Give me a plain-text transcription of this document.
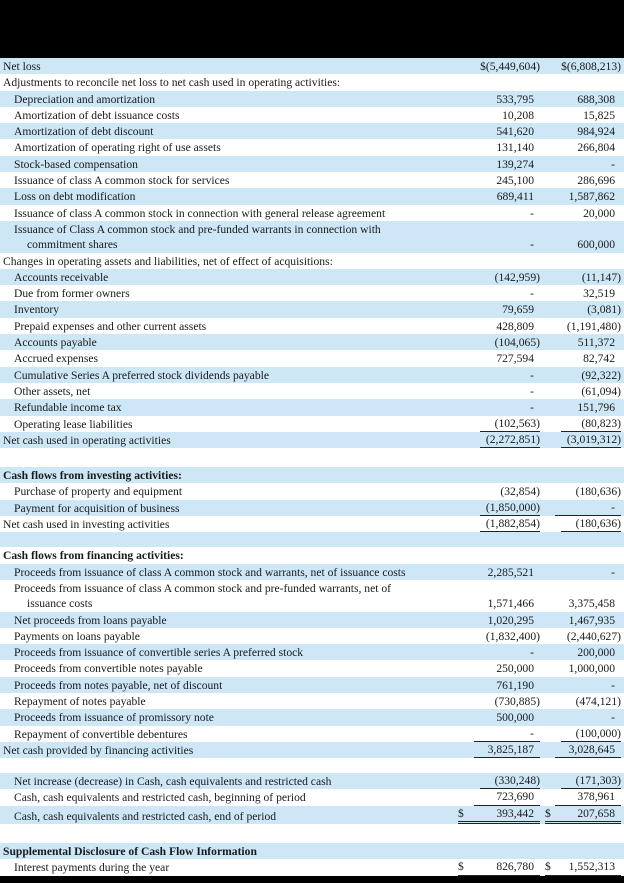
Net loss	$(5,449,604) $(6,808,213)
Adjustments to reconcile net loss to net cash used in operating activities:
Depreciation and amortization	533,795	688,308
Amortization of debt issuance costs	10,208	15,825
Amortization of debt discount	541,620	984,924
Amortization of operating right of use assets	131,140	266,804
Stock-based compensation	139,274	-
Issuance of class A common stock for services	245,100	286,696
Loss on debt modification	689,411	1,587,862
Issuance of class A common stock in connection with general release agreement	-	20,000
Issuance of Class A common stock and pre-funded warrants in connection with
commitment shares	-	600,000
Changes in operating assets and liabilities, net of effect of acquisitions:
Accounts receivable	(142,959)	(11,147)
Due from former owners	-	32,519
Inventory	79,659	(3,081)
Prepaid expenses and other current assets	428,809	(1,191,480)
Accounts payable	(104,065)	511,372
Accrued expenses	727,594	82,742
Cumulative Series A preferred stock dividends payable	-	(92,322)
Other assets, net	-	(61,094)
Refundable income tax	-	151,796
Operating lease liabilities	(102,563)	(80,823)
Net cash used in operating activities	(2,272,851)	(3,019,312)
Cash flows from investing activities:
Purchase of property and equipment	(32,854)	(180,636)
Payment for acquisition of business	(1,850,000)	-
Net cash used in investing activities	(1,882,854)	(180,636)
Cash flows from financing activities:
Proceeds from issuance of class A common stock and warrants, net of issuance costs	2,285,521	-
Proceeds from issuance of class A common stock and pre-funded warrants, net of
issuance costs	1,571,466	3,375,458
Net proceeds from loans payable	1,020,295	1,467,935
Payments on loans payable	(1,832,400) (2,440,627)
Proceeds from issuance of convertible series A preferred stock	-	200,000
Proceeds from convertible notes payable	250,000	1,000,000
Proceeds from notes payable, net of discount	761,190	-
Repayment of notes payable	(730,885)	(474,121)
Proceeds from issuance of promissory note	500,000	-
Repayment of convertible debentures	-	(100,000)
Net cash provided by financing activities	3,825,187	3,028,645
Net increase (decrease) in Cash, cash equivalents and restricted cash	(330,248)	(171,303)
Cash, cash equivalents and restricted cash, beginning of period	723,690	378,961
Cash, cash equivalents and restricted cash, end of period	$	393,442 $ 207,658
Supplemental Disclosure of Cash Flow Information
Interest payments during the year	$	826,780 $ 1,552,313
